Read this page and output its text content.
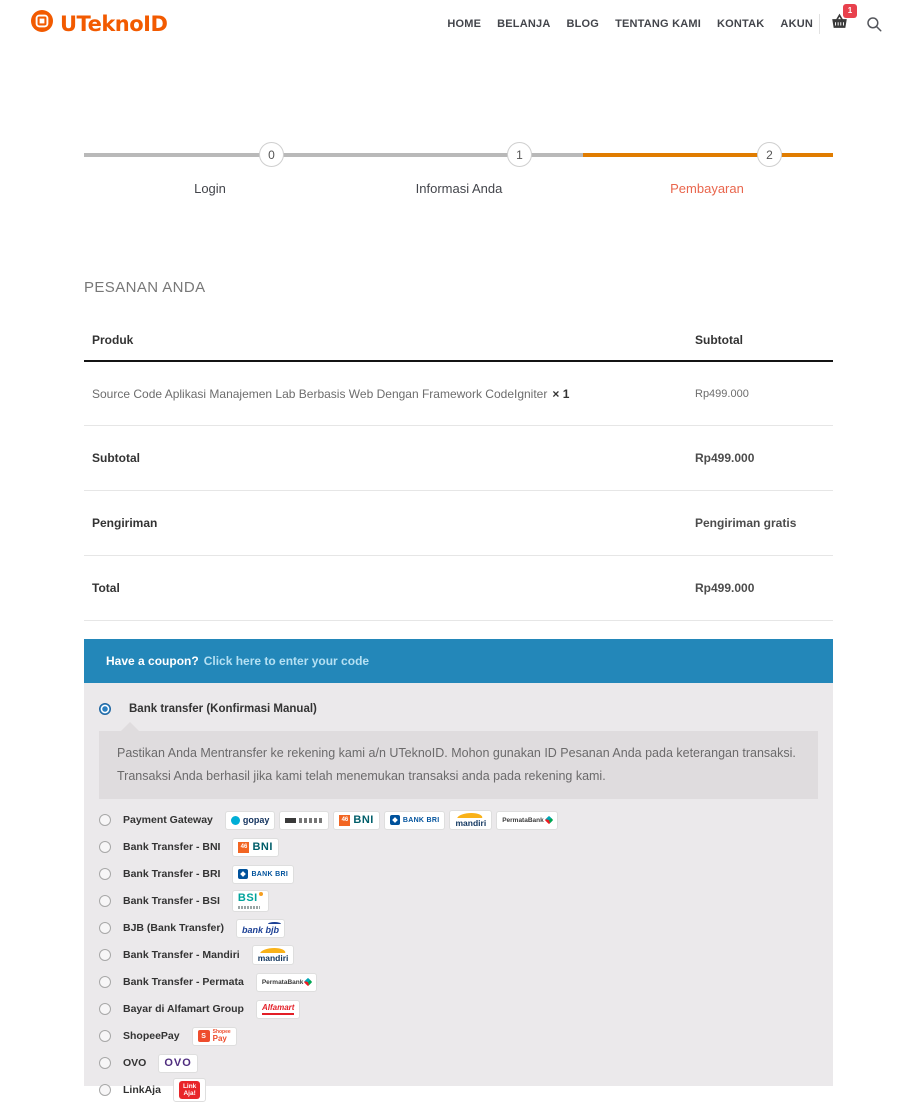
UTeknoID	HOME BELANJA BLOG TENTANG KAMI KONTAK AKUN
1
0	1	2
Login	Informasi Anda	Pembayaran
PESANAN ANDA
Produk	Subtotal
Source Code Aplikasi Manajemen Lab Berbasis Web Dengan Framework CodeIgniter × 1	Rp499.000
Subtotal	Rp499.000
Pengiriman	Pengiriman gratis
Total	Rp499.000
Have a coupon? Click here to enter your code
Bank transfer (Konfirmasi Manual)

Pastikan Anda Mentransfer ke rekening kami a/n UTeknoID. Mohon gunakan ID Pesanan Anda pada keterangan transaksi. Transaksi Anda berhasil jika kami telah menemukan transaksi anda pada rekening kami.

Payment Gateway	gopay	46 BNI	BANK BRI mandiri PermataBank
Bank Transfer - BNI	46 BNI
Bank Transfer - BRI	BANK BRI
Bank Transfer - BSI BSI
BJB (Bank Transfer) bank bjb
Bank Transfer - Mandiri mandiri
Bank Transfer - Permata	PermataBank
Bayar di Alfamart Group Alfamart
ShopeePay	S
Shopee
Pay
OVO OVO
LinkAja	Link
Aja!
